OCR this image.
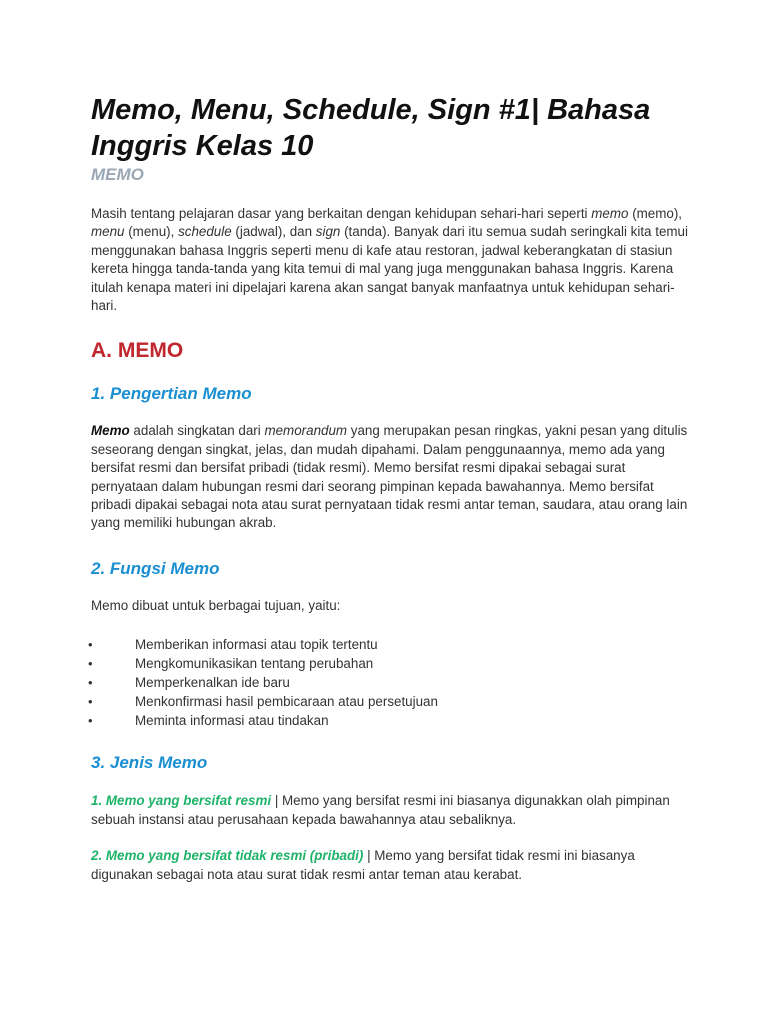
Memo, Menu, Schedule, Sign #1| Bahasa Inggris Kelas 10
MEMO

Masih tentang pelajaran dasar yang berkaitan dengan kehidupan sehari-hari seperti memo (memo), menu (menu), schedule (jadwal), dan sign (tanda). Banyak dari itu semua sudah seringkali kita temui menggunakan bahasa Inggris seperti menu di kafe atau restoran, jadwal keberangkatan di stasiun kereta hingga tanda-tanda yang kita temui di mal yang juga menggunakan bahasa Inggris. Karena itulah kenapa materi ini dipelajari karena akan sangat banyak manfaatnya untuk kehidupan sehari-hari.

A. MEMO
1. Pengertian Memo

Memo adalah singkatan dari memorandum yang merupakan pesan ringkas, yakni pesan yang ditulis seseorang dengan singkat, jelas, dan mudah dipahami. Dalam penggunaannya, memo ada yang bersifat resmi dan bersifat pribadi (tidak resmi). Memo bersifat resmi dipakai sebagai surat pernyataan dalam hubungan resmi dari seorang pimpinan kepada bawahannya. Memo bersifat pribadi dipakai sebagai nota atau surat pernyataan tidak resmi antar teman, saudara, atau orang lain yang memiliki hubungan akrab.

2. Fungsi Memo

Memo dibuat untuk berbagai tujuan, yaitu:

•	Memberikan informasi atau topik tertentu
•	Mengkomunikasikan tentang perubahan
•	Memperkenalkan ide baru
•	Menkonfirmasi hasil pembicaraan atau persetujuan
•	Meminta informasi atau tindakan
3. Jenis Memo

1. Memo yang bersifat resmi | Memo yang bersifat resmi ini biasanya digunakkan olah pimpinan sebuah instansi atau perusahaan kepada bawahannya atau sebaliknya.

2. Memo yang bersifat tidak resmi (pribadi) | Memo yang bersifat tidak resmi ini biasanya digunakan sebagai nota atau surat tidak resmi antar teman atau kerabat.
